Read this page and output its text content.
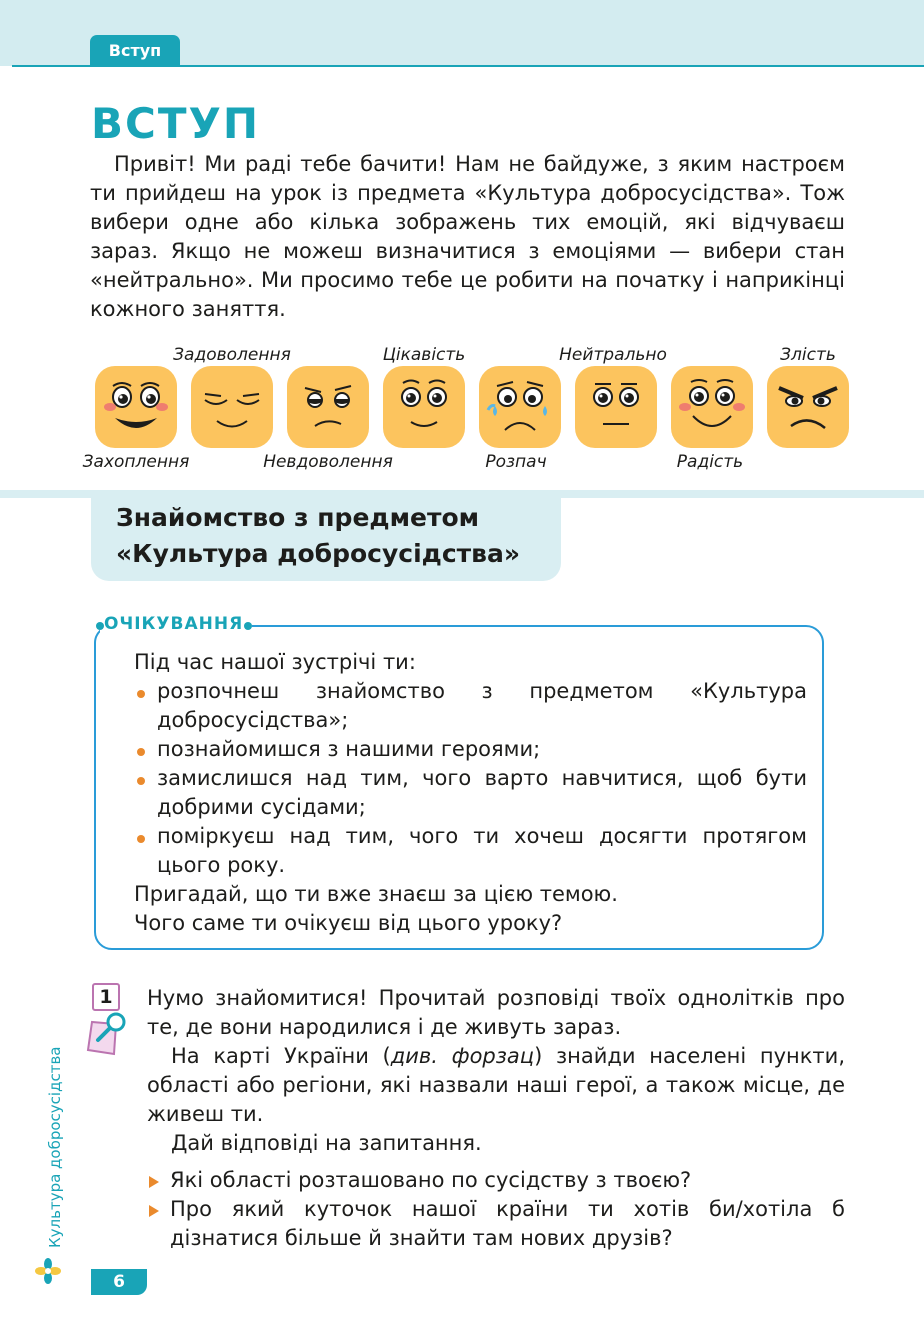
Вступ
ВСТУП

Привіт! Ми раді тебе бачити! Нам не байдуже, з яким настроєм ти прийдеш на урок із предмета «Культура добросусідства». Тож вибери одне або кілька зображень тих емоцій, які відчуваєш зараз. Якщо не можеш визначитися з емоціями — вибери стан «нейтрально». Ми просимо тебе це робити на початку і наприкінці кожного заняття.

Захоплення
Задоволення
Невдоволення
Цікавість
Розпач
Нейтрально
Радість
Злість
Знайомство з предметом
«Культура добросусідства»
ОЧІКУВАННЯ

Під час нашої зустрічі ти:

розпочнеш знайомство з предметом «Культура добросусідства»;
познайомишся з нашими героями;
замислишся над тим, чого варто навчитися, щоб бути добрими сусідами;
поміркуєш над тим, чого ти хочеш досягти протягом цього року.

Пригадай, що ти вже знаєш за цією темою.

Чого саме ти очікуєш від цього уроку?

1	Нумо знайомитися! Прочитай розповіді твоїх однолітків про те, де вони народилися і де живуть зараз.

На карті України (див. форзац) знайди населені пункти, області або регіони, які назвали наші герої, а також місце, де живеш ти.

Дай відповіді на запитання.

Які області розташовано по сусідству з твоєю?
Про який куточок нашої країни ти хотів би/хотіла б дізнатися більше й знайти там нових друзів?
Культура добросусідства
6
